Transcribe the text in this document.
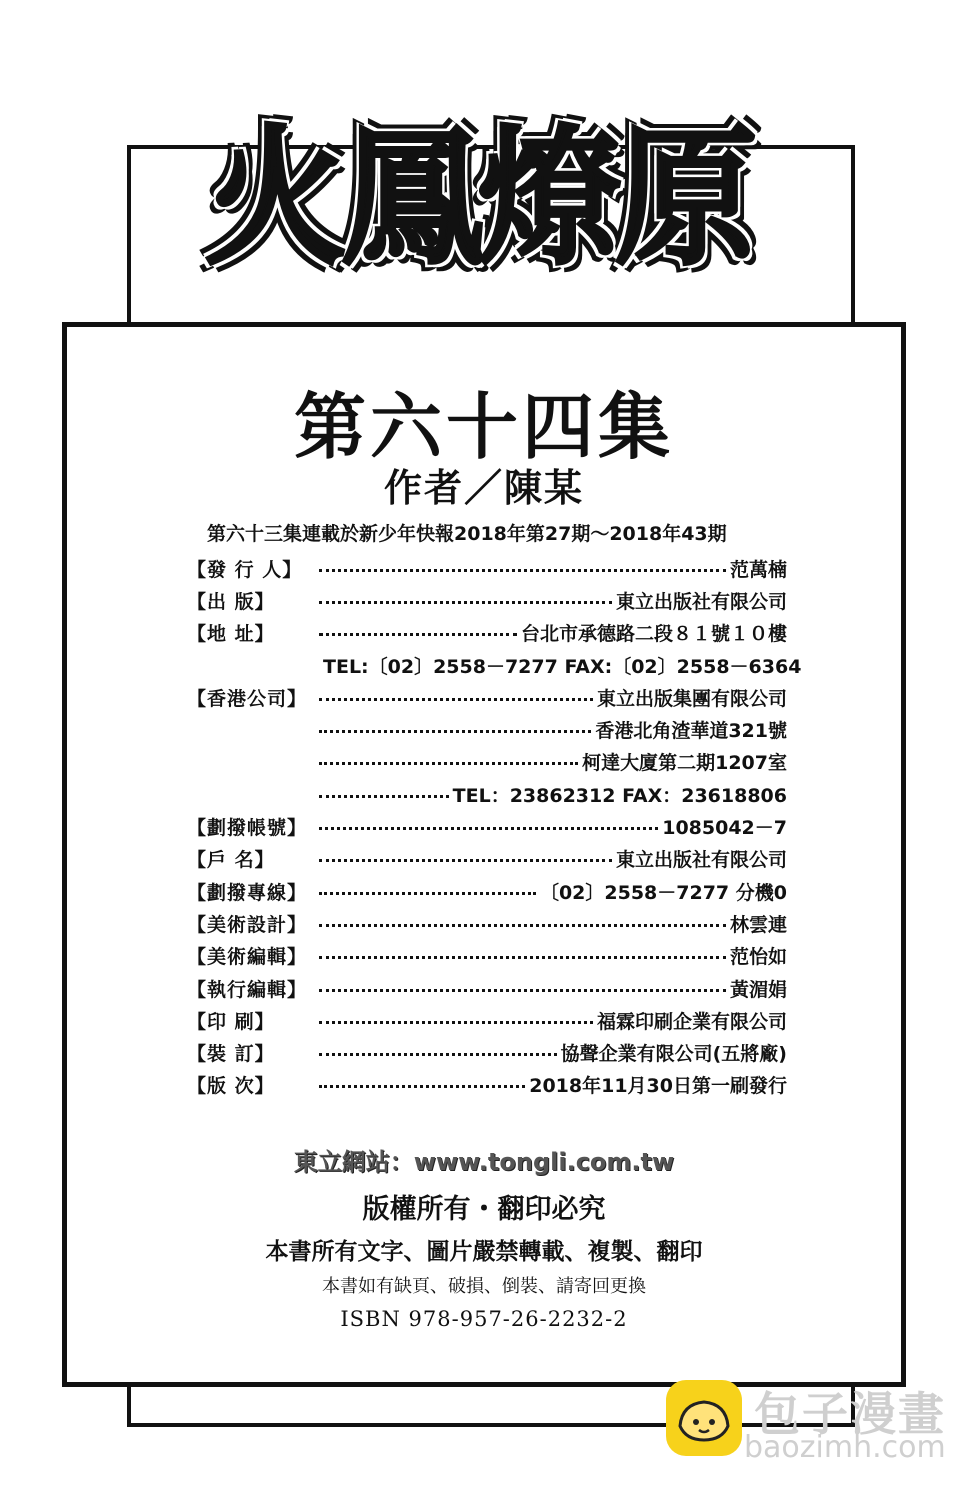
火鳳燎原
第六十四集
作者／陳某
第六十三集連載於新少年快報2018年第27期～2018年43期
【發 行 人】	范萬楠
【出 版】	東立出版社有限公司
【地 址】	台北市承德路二段８１號１０樓
TEL:〔02〕2558－7277 FAX:〔02〕2558－6364
【香港公司】	東立出版集團有限公司
香港北角渣華道321號
柯達大廈第二期1207室
TEL：23862312 FAX：23618806
【劃撥帳號】	1085042－7
【戶 名】	東立出版社有限公司
【劃撥專線】	〔02〕2558－7277 分機0
【美術設計】	林雲連
【美術編輯】	范怡如
【執行編輯】	黃湄娟
【印 刷】	福霖印刷企業有限公司
【裝 訂】	協聲企業有限公司(五將廠)
【版 次】	2018年11月30日第一刷發行
東立網站：www.tongli.com.tw
版權所有・翻印必究
本書所有文字、圖片嚴禁轉載、複製、翻印
本書如有缺頁、破損、倒裝、請寄回更換
ISBN 978-957-26-2232-2
包子漫畫
baozimh.com
